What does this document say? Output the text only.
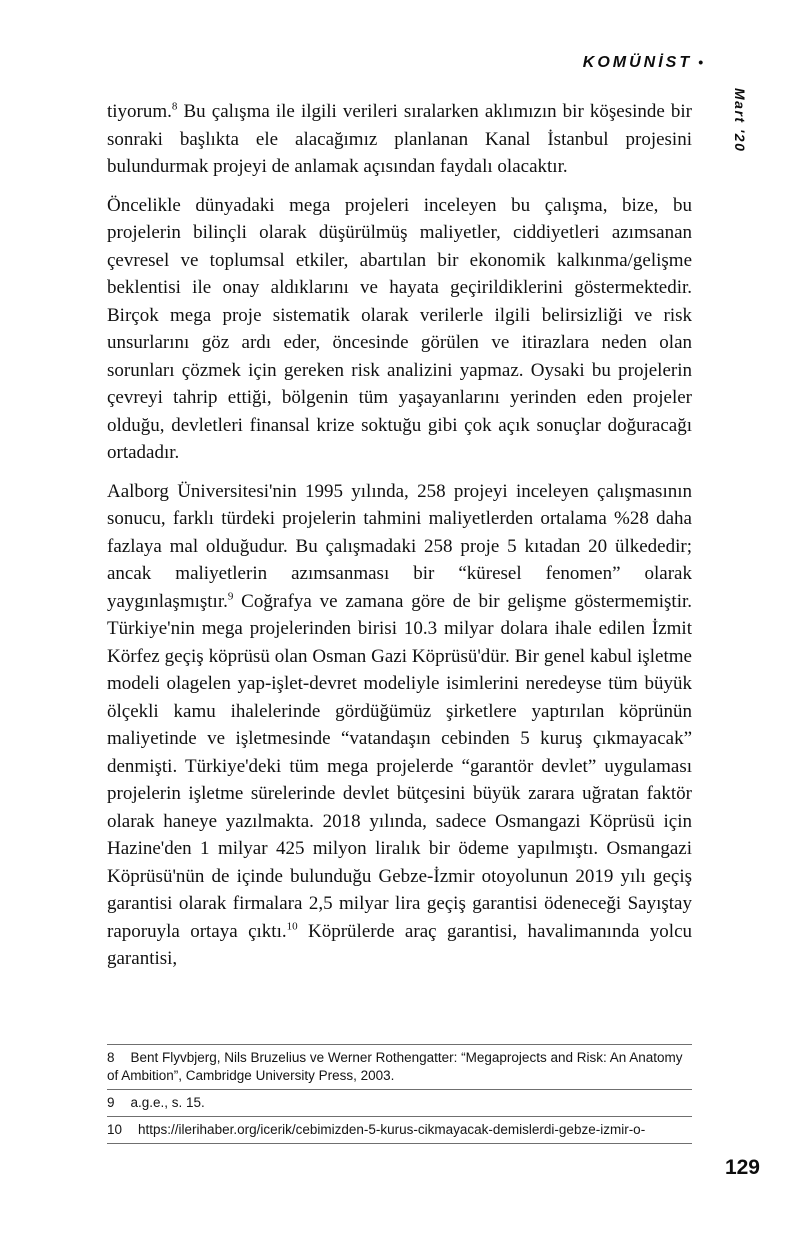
KOMÜNİST •
Mart '20

tiyorum.$^8$ Bu çalışma ile ilgili verileri sıralarken aklımızın bir köşesinde bir sonraki başlıkta ele alacağımız planlanan Kanal İstanbul projesini bulundurmak projeyi de anlamak açısından faydalı olacaktır.

Öncelikle dünyadaki mega projeleri inceleyen bu çalışma, bize, bu projelerin bilinçli olarak düşürülmüş maliyetler, ciddiyetleri azımsanan çevresel ve toplumsal etkiler, abartılan bir ekonomik kalkınma/gelişme beklentisi ile onay aldıklarını ve hayata geçirildiklerini göstermektedir. Birçok mega proje sistematik olarak verilerle ilgili belirsizliği ve risk unsurlarını göz ardı eder, öncesinde görülen ve itirazlara neden olan sorunları çözmek için gereken risk analizini yapmaz. Oysaki bu projelerin çevreyi tahrip ettiği, bölgenin tüm yaşayanlarını yerinden eden projeler olduğu, devletleri finansal krize soktuğu gibi çok açık sonuçlar doğuracağı ortadadır.

Aalborg Üniversitesi'nin 1995 yılında, 258 projeyi inceleyen çalışmasının sonucu, farklı türdeki projelerin tahmini maliyetlerden ortalama %28 daha fazlaya mal olduğudur. Bu çalışmadaki 258 proje 5 kıtadan 20 ülkededir; ancak maliyetlerin azımsanması bir “küresel fenomen” olarak yaygınlaşmıştır.$^9$ Coğrafya ve zamana göre de bir gelişme göstermemiştir. Türkiye'nin mega projelerinden birisi 10.3 milyar dolara ihale edilen İzmit Körfez geçiş köprüsü olan Osman Gazi Köprüsü'dür. Bir genel kabul işletme modeli olagelen yap-işlet-devret modeliyle isimlerini neredeyse tüm büyük ölçekli kamu ihalelerinde gördüğümüz şirketlere yaptırılan köprünün maliyetinde ve işletmesinde “vatandaşın cebinden 5 kuruş çıkmayacak” denmişti. Türkiye'deki tüm mega projelerde “garantör devlet” uygulaması projelerin işletme sürelerinde devlet bütçesini büyük zarara uğratan faktör olarak haneye yazılmakta. 2018 yılında, sadece Osmangazi Köprüsü için Hazine'den 1 milyar 425 milyon liralık bir ödeme yapılmıştı. Osmangazi Köprüsü'nün de içinde bulunduğu Gebze-İzmir otoyolunun 2019 yılı geçiş garantisi olarak firmalara 2,5 milyar lira geçiş garantisi ödeneceği Sayıştay raporuyla ortaya çıktı.$^{10}$ Köprülerde araç garantisi, havalimanında yolcu garantisi,

8 Bent Flyvbjerg, Nils Bruzelius ve Werner Rothengatter: “Megaprojects and Risk: An Anatomy of Ambition”, Cambridge University Press, 2003.
9 a.g.e., s. 15.
10 https://ilerihaber.org/icerik/cebimizden-5-kurus-cikmayacak-demislerdi-gebze-izmir-o-
129
